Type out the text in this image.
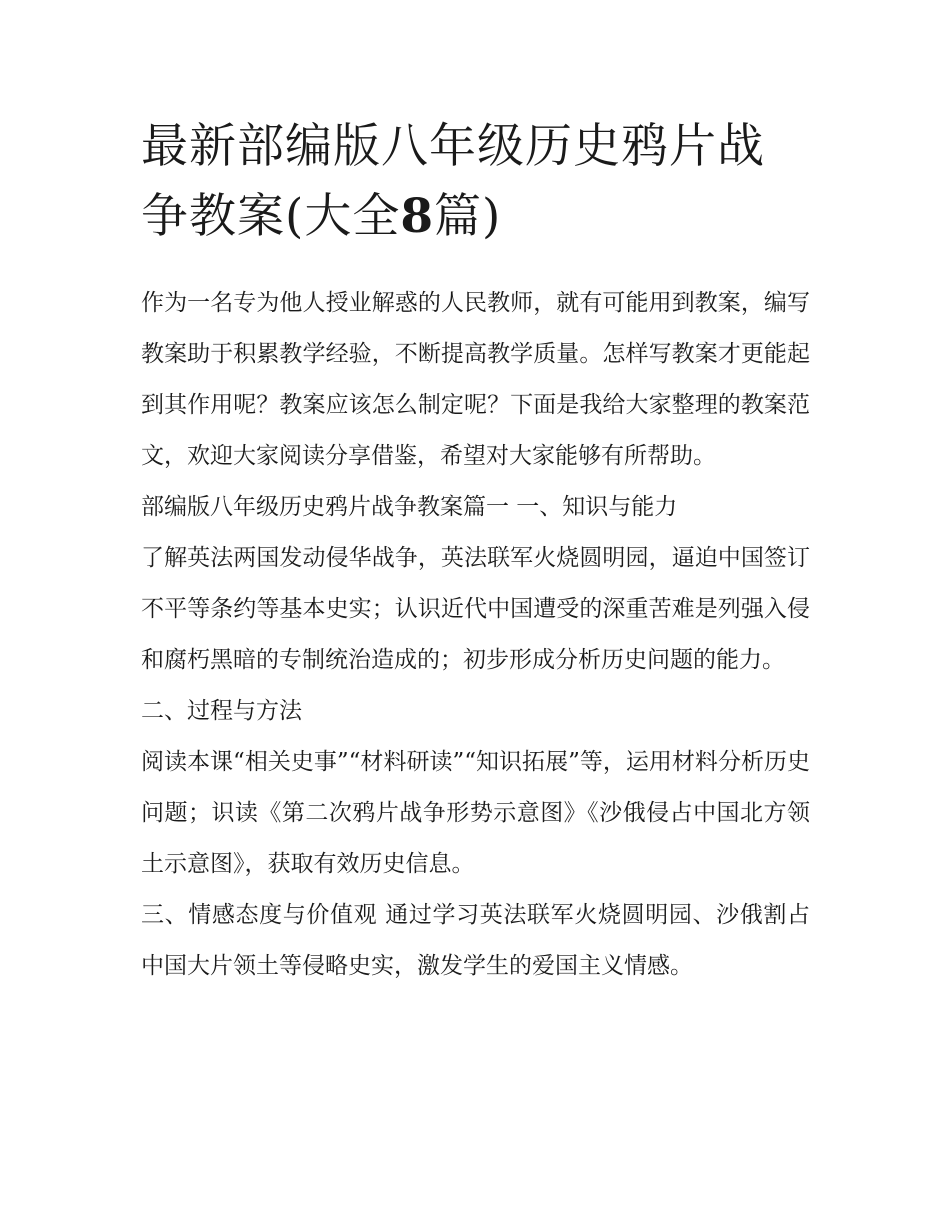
最新部编版八年级历史鸦片战争教案(大全8篇)

作为一名专为他人授业解惑的人民教师，就有可能用到教案，编写教案助于积累教学经验，不断提高教学质量。怎样写教案才更能起到其作用呢？教案应该怎么制定呢？下面是我给大家整理的教案范文，欢迎大家阅读分享借鉴，希望对大家能够有所帮助。

部编版八年级历史鸦片战争教案篇一 一、知识与能力

了解英法两国发动侵华战争，英法联军火烧圆明园，逼迫中国签订不平等条约等基本史实；认识近代中国遭受的深重苦难是列强入侵和腐朽黑暗的专制统治造成的；初步形成分析历史问题的能力。

二、过程与方法

阅读本课“相关史事”“材料研读”“知识拓展”等，运用材料分析历史问题；识读《第二次鸦片战争形势示意图》《沙俄侵占中国北方领土示意图》，获取有效历史信息。

三、情感态度与价值观 通过学习英法联军火烧圆明园、沙俄割占中国大片领土等侵略史实，激发学生的爱国主义情感。
